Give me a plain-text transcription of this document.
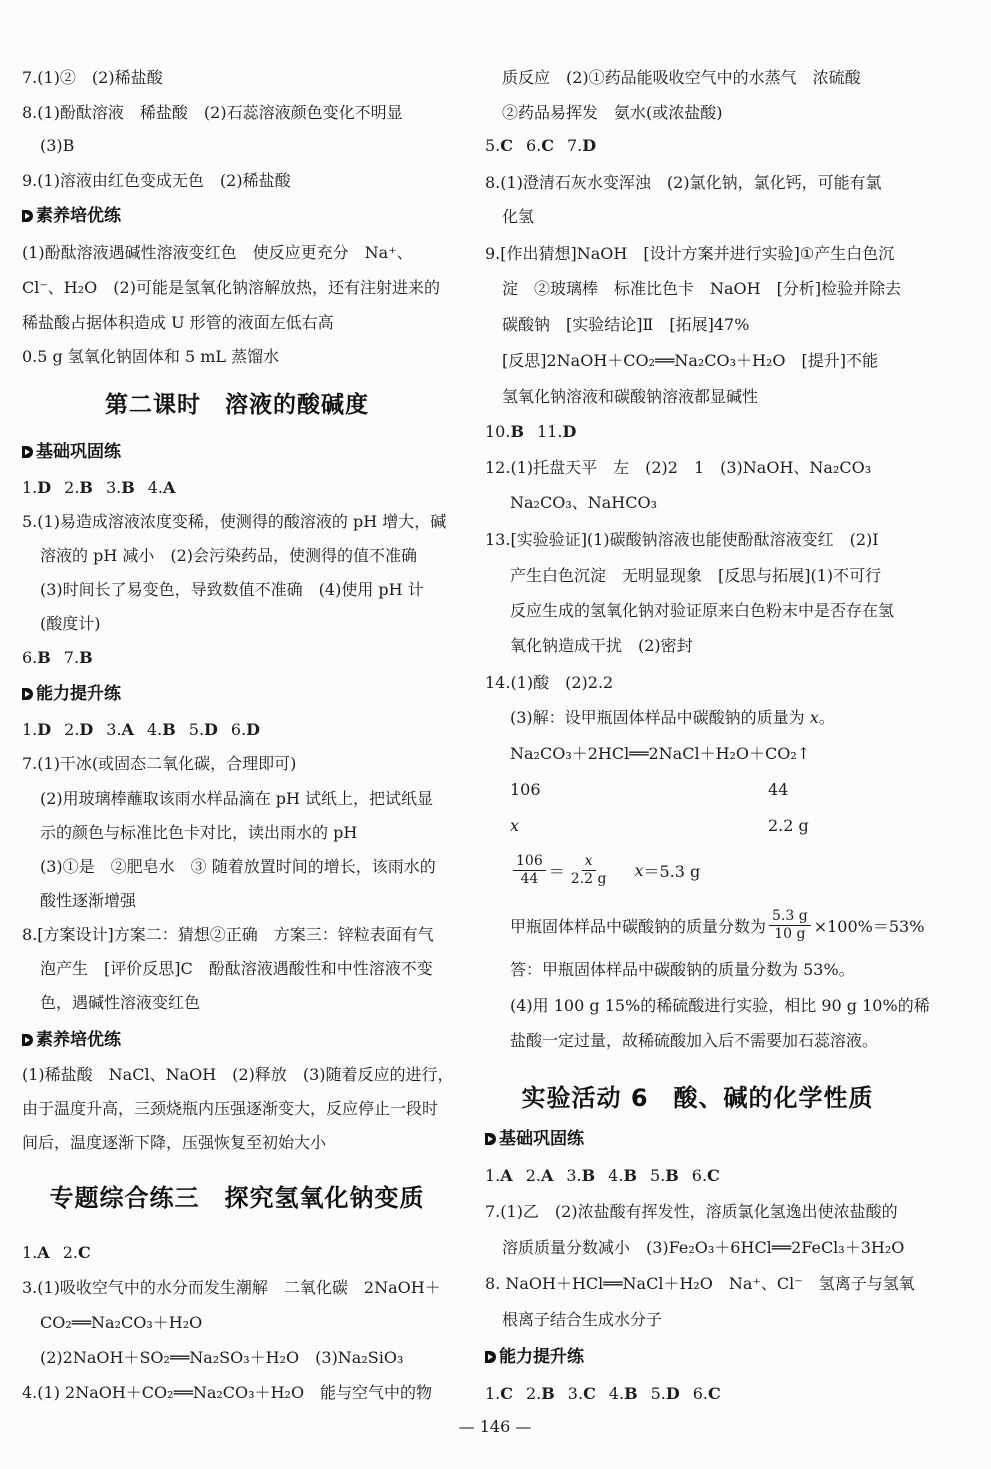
7.(1)②　(2)稀盐酸
8.(1)酚酞溶液　稀盐酸　(2)石蕊溶液颜色变化不明显
(3)B
9.(1)溶液由红色变成无色　(2)稀盐酸
素养培优练
(1)酚酞溶液遇碱性溶液变红色　使反应更充分　Na⁺、
Cl⁻、H₂O　(2)可能是氢氧化钠溶解放热，还有注射进来的
稀盐酸占据体积造成 U 形管的液面左低右高
0.5 g 氢氧化钠固体和 5 mL 蒸馏水
第二课时　溶液的酸碱度
基础巩固练
1.D 2.B 3.B 4.A
5.(1)易造成溶液浓度变稀，使测得的酸溶液的 pH 增大，碱
溶液的 pH 减小　(2)会污染药品，使测得的值不准确
(3)时间长了易变色，导致数值不准确　(4)使用 pH 计
(酸度计)
6.B 7.B
能力提升练
1.D 2.D 3.A 4.B 5.D 6.D
7.(1)干冰(或固态二氧化碳，合理即可)
(2)用玻璃棒蘸取该雨水样品滴在 pH 试纸上，把试纸显
示的颜色与标准比色卡对比，读出雨水的 pH
(3)①是　②肥皂水　③ 随着放置时间的增长，该雨水的
酸性逐渐增强
8.[方案设计]方案二：猜想②正确　方案三：锌粒表面有气
泡产生　[评价反思]C　酚酞溶液遇酸性和中性溶液不变
色，遇碱性溶液变红色
素养培优练
(1)稀盐酸　NaCl、NaOH　(2)释放　(3)随着反应的进行，
由于温度升高，三颈烧瓶内压强逐渐变大，反应停止一段时
间后，温度逐渐下降，压强恢复至初始大小
专题综合练三　探究氢氧化钠变质
1.A 2.C
3.(1)吸收空气中的水分而发生潮解　二氧化碳　2NaOH＋
CO₂══Na₂CO₃＋H₂O
(2)2NaOH＋SO₂══Na₂SO₃＋H₂O　(3)Na₂SiO₃
4.(1) 2NaOH＋CO₂══Na₂CO₃＋H₂O　能与空气中的物
质反应　(2)①药品能吸收空气中的水蒸气　浓硫酸
②药品易挥发　氨水(或浓盐酸)
5.C 6.C 7.D
8.(1)澄清石灰水变浑浊　(2)氯化钠，氯化钙，可能有氯
化氢
9.[作出猜想]NaOH　[设计方案并进行实验]①产生白色沉
淀　②玻璃棒　标准比色卡　NaOH　[分析]检验并除去
碳酸钠　[实验结论]Ⅱ　[拓展]47%
[反思]2NaOH＋CO₂══Na₂CO₃＋H₂O　[提升]不能
氢氧化钠溶液和碳酸钠溶液都显碱性
10.B 11.D
12.(1)托盘天平　左　(2)2　1　(3)NaOH、Na₂CO₃
Na₂CO₃、NaHCO₃
13.[实验验证](1)碳酸钠溶液也能使酚酞溶液变红　(2)Ⅰ
产生白色沉淀　无明显现象　[反思与拓展](1)不可行
反应生成的氢氧化钠对验证原来白色粉末中是否存在氢
氧化钠造成干扰　(2)密封
14.(1)酸　(2)2.2
(3)解：设甲瓶固体样品中碳酸钠的质量为 x。
Na₂CO₃＋2HCl══2NaCl＋H₂O＋CO₂↑
106	44
x	2.2 g
$\frac{106}{44} = \frac{x}{2.2 g}$ x ＝5.3 g
甲瓶固体样品中碳酸钠的质量分数为 $\frac{5.3 g}{10 g} \times 100\%=53\%$
答：甲瓶固体样品中碳酸钠的质量分数为 53%。
(4)用 100 g 15%的稀硫酸进行实验，相比 90 g 10%的稀
盐酸一定过量，故稀硫酸加入后不需要加石蕊溶液。
实验活动 6　酸、碱的化学性质
基础巩固练
1.A 2.A 3.B 4.B 5.B 6.C
7.(1)乙　(2)浓盐酸有挥发性，溶质氯化氢逸出使浓盐酸的
溶质质量分数减小　(3)Fe₂O₃＋6HCl══2FeCl₃＋3H₂O
8. NaOH＋HCl══NaCl＋H₂O　Na⁺、Cl⁻　氢离子与氢氧
根离子结合生成水分子
能力提升练
1.C 2.B 3.C 4.B 5.D 6.C
— 146 —
